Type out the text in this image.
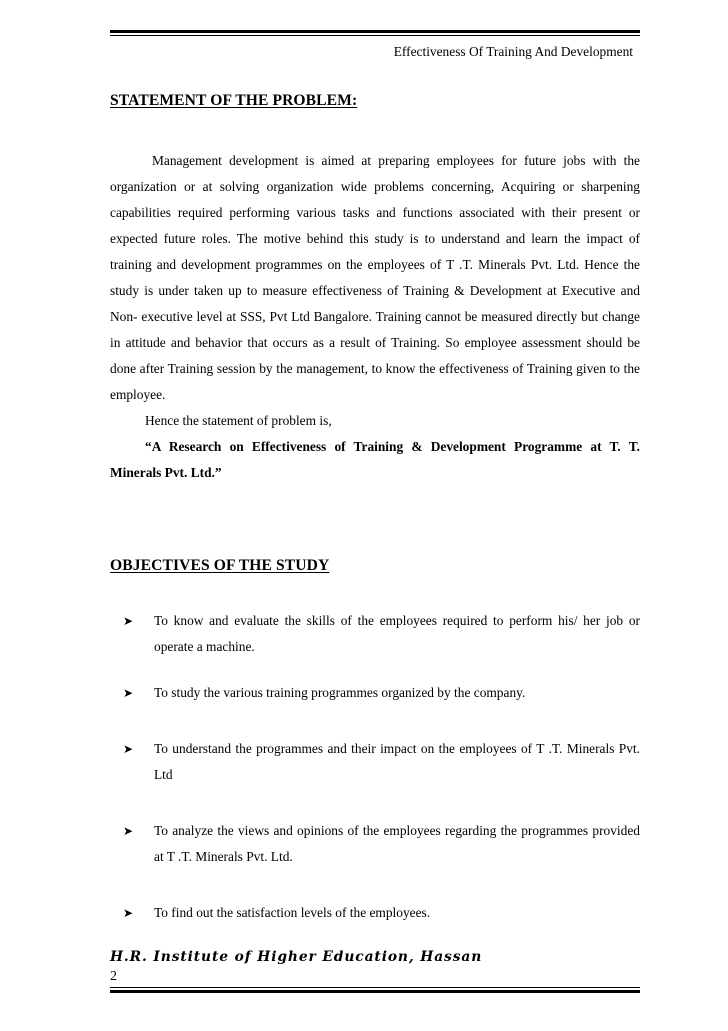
Effectiveness Of Training And Development
STATEMENT OF THE PROBLEM:
Management development is aimed at preparing employees for future jobs with the organization or at solving organization wide problems concerning, Acquiring or sharpening capabilities required performing various tasks and functions associated with their present or expected future roles. The motive behind this study is to understand and learn the impact of training and development programmes on the employees of T .T. Minerals Pvt. Ltd. Hence the study is under taken up to measure effectiveness of Training & Development at Executive and Non- executive level at SSS, Pvt Ltd Bangalore. Training cannot be measured directly but change in attitude and behavior that occurs as a result of Training. So employee assessment should be done after Training session by the management, to know the effectiveness of Training given to the employee.
Hence the statement of problem is,
“A Research on Effectiveness of Training & Development Programme at T. T. Minerals Pvt. Ltd.”
OBJECTIVES OF THE STUDY
➤ To know and evaluate the skills of the employees required to perform his/ her job or operate a machine.
➤ To study the various training programmes organized by the company.
➤ To understand the programmes and their impact on the employees of T .T. Minerals Pvt. Ltd
➤ To analyze the views and opinions of the employees regarding the programmes provided at T .T. Minerals Pvt. Ltd.
➤ To find out the satisfaction levels of the employees.
H.R. Institute of Higher Education, Hassan
2
